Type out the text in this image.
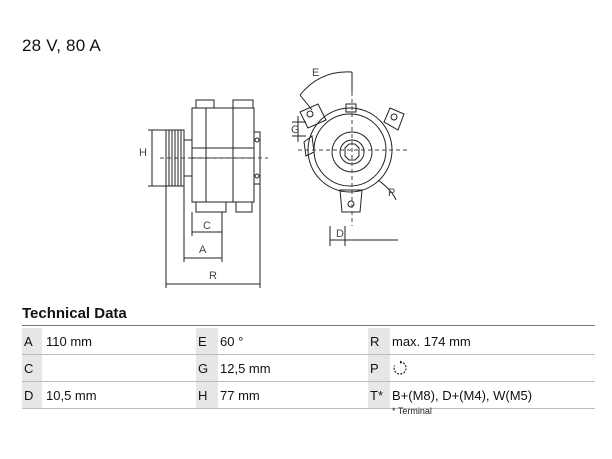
28 V, 80 A
H
C
A
R
E
G
P
D
Technical Data
A 110 mm	E 60 °	R max. 174 mm
C	G 12,5 mm	P
D 10,5 mm	H 77 mm	T* B+(M8), D+(M4), W(M5)
* Terminal
